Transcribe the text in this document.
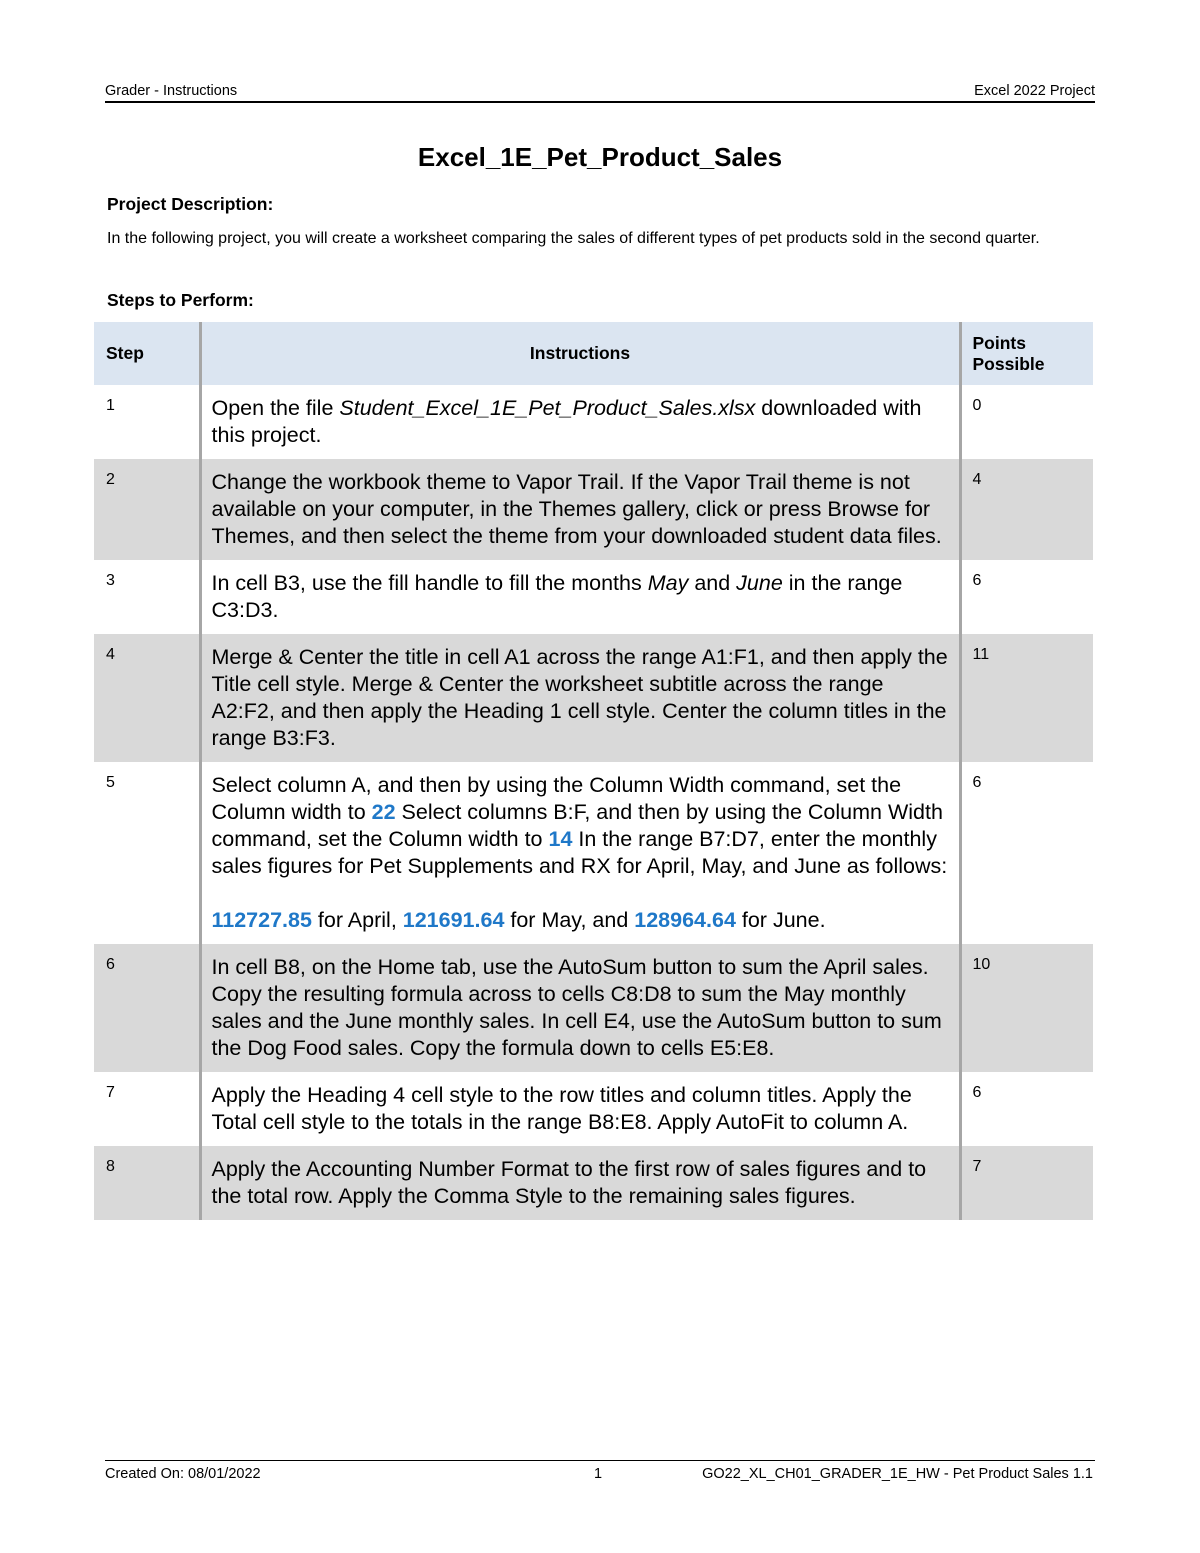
Grader - Instructions	Excel 2022 Project
Excel_1E_Pet_Product_Sales
Project Description:
In the following project, you will create a worksheet comparing the sales of different types of pet products sold in the second quarter.
Steps to Perform:
Step	Instructions	Points Possible

1	Open the file Student_Excel_1E_Pet_Product_Sales.xlsx downloaded with this project.	0
2	Change the workbook theme to Vapor Trail. If the Vapor Trail theme is not available on your computer, in the Themes gallery, click or press Browse for Themes, and then select the theme from your downloaded student data files.	4
3	In cell B3, use the fill handle to fill the months May and June in the range C3:D3.	6
4	Merge & Center the title in cell A1 across the range A1:F1, and then apply the Title cell style. Merge & Center the worksheet subtitle across the range A2:F2, and then apply the Heading 1 cell style. Center the column titles in the range B3:F3.	11
5	Select column A, and then by using the Column Width command, set the Column width to 22 Select columns B:F, and then by using the Column Width command, set the Column width to 14 In the range B7:D7, enter the monthly sales figures for Pet Supplements and RX for April, May, and June as follows:

112727.85 for April, 121691.64 for May, and 128964.64 for June.	6
6	In cell B8, on the Home tab, use the AutoSum button to sum the April sales. Copy the resulting formula across to cells C8:D8 to sum the May monthly sales and the June monthly sales. In cell E4, use the AutoSum button to sum the Dog Food sales. Copy the formula down to cells E5:E8.	10
7	Apply the Heading 4 cell style to the row titles and column titles. Apply the Total cell style to the totals in the range B8:E8. Apply AutoFit to column A.	6
8	Apply the Accounting Number Format to the first row of sales figures and to the total row. Apply the Comma Style to the remaining sales figures.	7
Created On: 08/01/2022	1	GO22_XL_CH01_GRADER_1E_HW - Pet Product Sales 1.1
